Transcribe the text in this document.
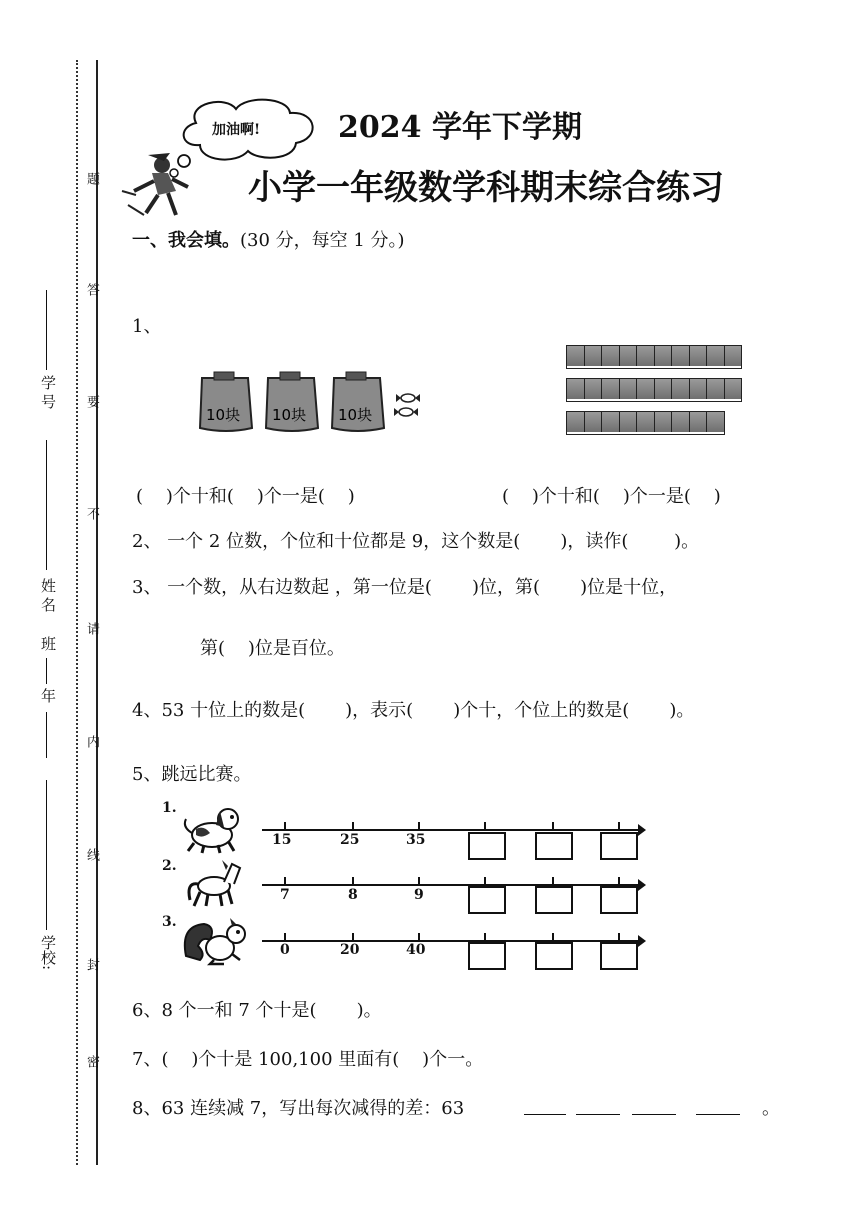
学校:
年
班
姓名
学号
密
封
线
内
请
不
要
答
题
加油啊!	2024 学年下学期
小学一年级数学科期末综合练习
一、我会填。(30 分，每空 1 分。)
1、
10块 10块 10块
(    )个十和(    )个一是(    )	(    )个十和(    )个一是(    )
2、 一个 2 位数，个位和十位都是 9，这个数是(       )，读作(        )。
3、 一个数，从右边数起 ，第一位是(       )位，第(       )位是十位，
第(    )位是百位。
4、53 十位上的数是(       )，表示(       )个十，个位上的数是(       )。
5、跳远比赛。
1.
15	25	35
2.
7	8	9
3.
0	20	40
6、8 个一和 7 个十是(       )。
7、(    )个十是 100,100 里面有(    )个一。
8、63 连续减 7，写出每次减得的差：63	。
